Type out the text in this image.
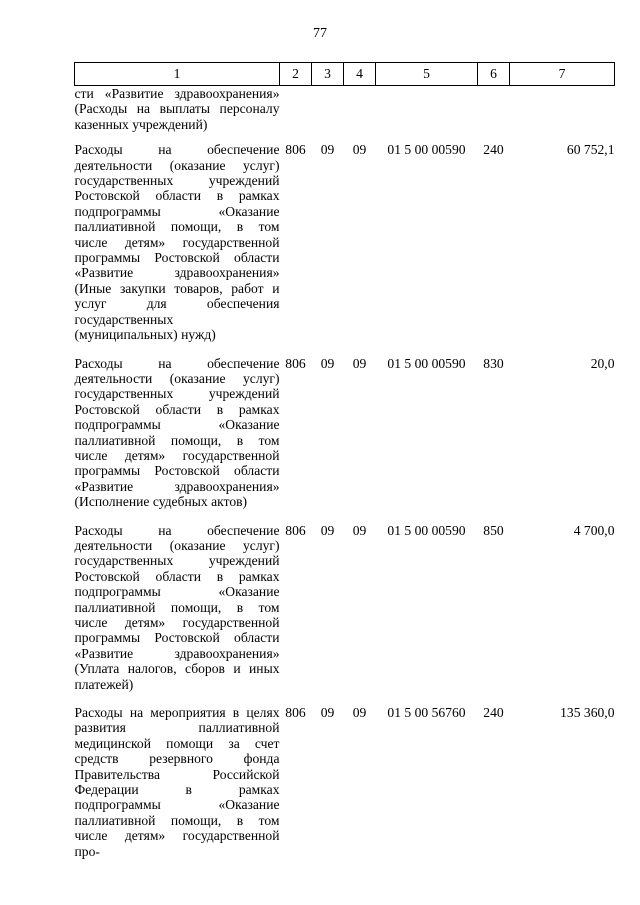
77
1	2	3	4	5	6	7
сти «Развитие здравоохранения» (Расходы на выплаты персоналу казенных учреждений)						
Расходы на обеспечение деятельности (оказание услуг) государственных учреждений Ростовской области в рамках подпрограммы «Оказание паллиативной помощи, в том числе детям» государственной программы Ростовской области «Развитие здравоохранения» (Иные закупки товаров, работ и услуг для обеспечения государственных (муниципальных) нужд)	806	09	09	01 5 00 00590	240	60 752,1
Расходы на обеспечение деятельности (оказание услуг) государственных учреждений Ростовской области в рамках подпрограммы «Оказание паллиативной помощи, в том числе детям» государственной программы Ростовской области «Развитие здравоохранения» (Исполнение судебных актов)	806	09	09	01 5 00 00590	830	20,0
Расходы на обеспечение деятельности (оказание услуг) государственных учреждений Ростовской области в рамках подпрограммы «Оказание паллиативной помощи, в том числе детям» государственной программы Ростовской области «Развитие здравоохранения» (Уплата налогов, сборов и иных платежей)	806	09	09	01 5 00 00590	850	4 700,0
Расходы на мероприятия в целях развития паллиативной медицинской помощи за счет средств резервного фонда Правительства Российской Федерации в рамках подпрограммы «Оказание паллиативной помощи, в том числе детям» государственной про-	806	09	09	01 5 00 56760	240	135 360,0
